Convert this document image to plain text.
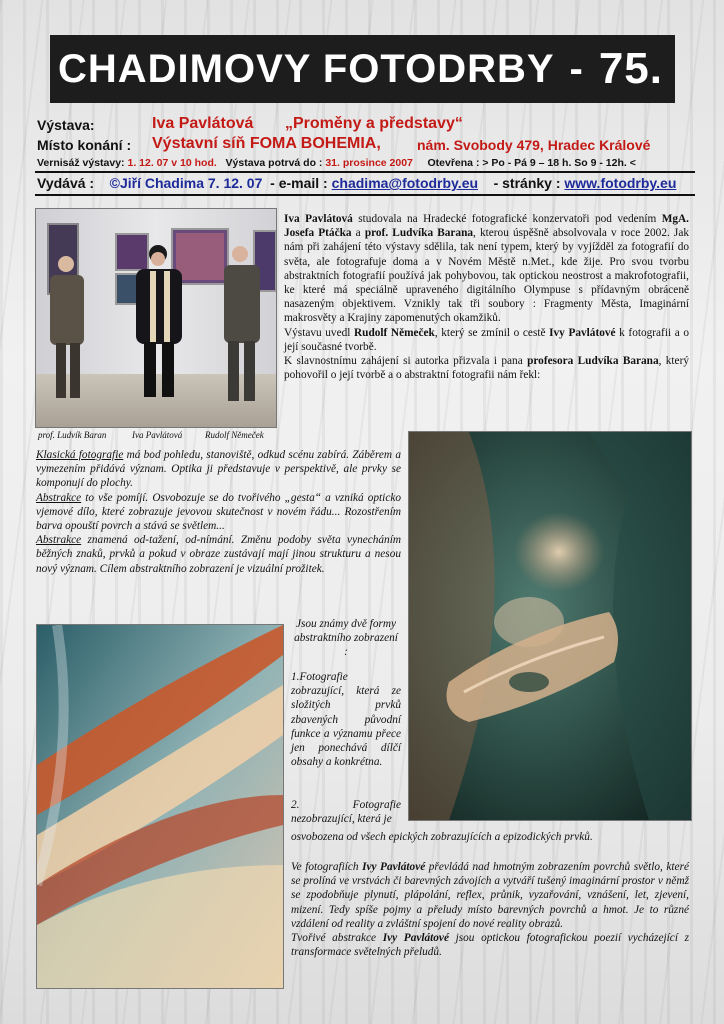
CHADIMOVY FOTODRBY - 75.
Výstava:	Iva Pavlátová „Proměny a představy“
Místo konání : Výstavní síň FOMA BOHEMIA,	nám. Svobody 479, Hradec Králové
Vernisáž výstavy: 1. 12. 07 v 10 hod. Výstava potrvá do : 31. prosince 2007 Otevřena : > Po - Pá 9 – 18 h. So 9 - 12h. <
Vydává : ©Jiří Chadima 7. 12. 07 - e-mail : chadima@fotodrby.eu - stránky : www.fotodrby.eu
prof. Ludvík Baran	Iva Pavlátová	Rudolf Němeček

Iva Pavlátová studovala na Hradecké fotografické konzervatoři pod vedením MgA. Josefa Ptáčka a prof. Ludvíka Barana, kterou úspěšně absolvovala v roce 2002. Jak nám při zahájení této výstavy sdělila, tak není typem, který by vyjížděl za fotografií do světa, ale fotografuje doma a v Novém Městě n.Met., kde žije. Pro svou tvorbu abstraktních fotografií používá jak pohybovou, tak optickou neostrost a makrofotografii, ke které má speciálně upraveného digitálního Olympuse s přídavným obráceně nasazeným objektivem. Vznikly tak tři soubory : Fragmenty Města, Imaginární makrosvěty a Krajiny zapomenutých okamžiků.

Výstavu uvedl Rudolf Němeček, který se zmínil o cestě Ivy Pavlátové k fotografii a o její současné tvorbě.

K slavnostnímu zahájení si autorka přizvala i pana profesora Ludvíka Barana, který pohovořil o její tvorbě a o abstraktní fotografii nám řekl:

Klasická fotografie má bod pohledu, stanoviště, odkud scénu zabírá. Záběrem a vymezením přidává význam. Optika ji představuje v perspektivě, ale prvky se komponují do plochy.

Abstrakce to vše pomíjí. Osvobozuje se do tvořivého „gesta“ a vzniká opticko vjemové dílo, které zobrazuje jevovou skutečnost v novém řádu... Rozostřením barva opouští povrch a stává se světlem...

Abstrakce znamená od-tažení, od-nímání. Změnu podoby světa vynecháním běžných znaků, prvků a pokud v obraze zustávají mají jinou strukturu a nesou nový význam. Cílem abstraktního zobrazení je vizuální prožitek.

Jsou známy dvě formy abstraktního zobrazení :
1.Fotografie zobrazující, která ze složitých prvků zbavených původní funkce a významu přece jen ponechává dílčí obsahy a konkrétna.
2. Fotografie nezobrazující, která je
osvobozena od všech epických zobrazujících a epizodických prvků.

Ve fotografiích Ivy Pavlátové převládá nad hmotným zobrazením povrchů světlo, které se prolíná ve vrstvách či barevných závojích a vytváří tušený imaginární prostor v němž se zpodobňuje plynutí, plápolání, reflex, průnik, vyzařování, vznášení, let, zjevení, mizení. Tedy spíše pojmy a přeludy místo barevných povrchů a hmot. Je to různé vzdálení od reality a zvláštní spojení do nové reality obrazů.

Tvořivé abstrakce Ivy Pavlátové jsou optickou fotografickou poezií vycházející z transformace světelných přeludů.
